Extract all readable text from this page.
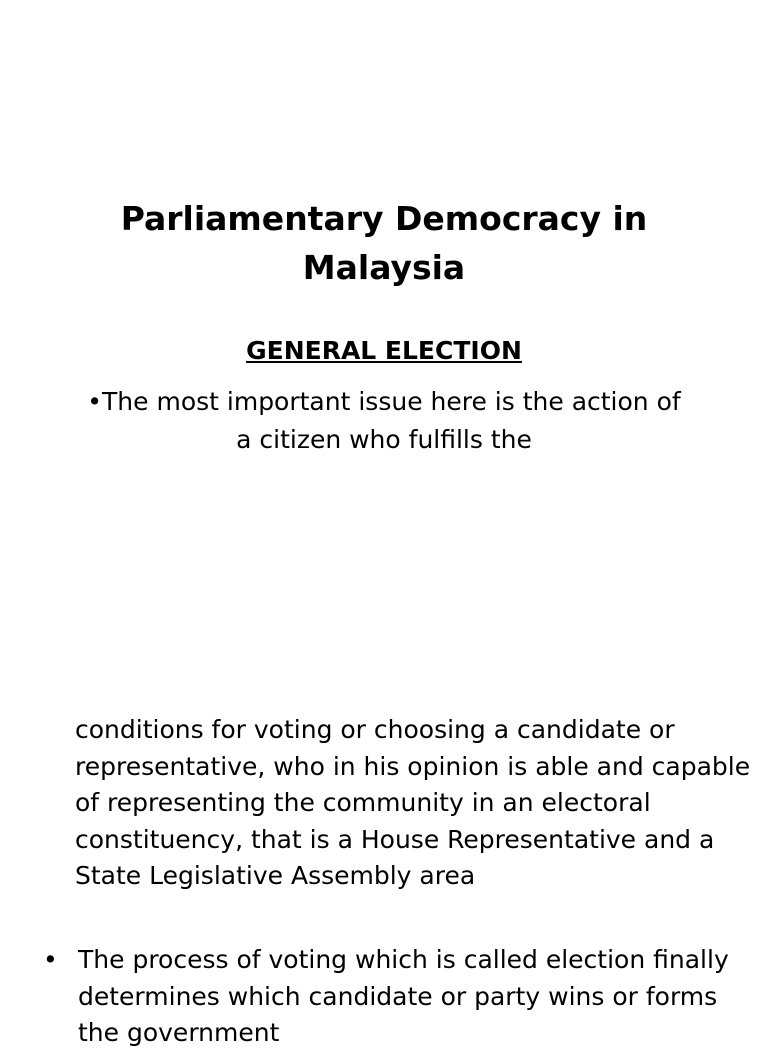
Parliamentary Democracy in Malaysia
GENERAL ELECTION

•The most important issue here is the action of a citizen who fulfills the

conditions for voting or choosing a candidate or representative, who in his opinion is able and capable of representing the community in an electoral constituency, that is a House Representative and a State Legislative Assembly area

• The process of voting which is called election finally determines which candidate or party wins or forms the government
